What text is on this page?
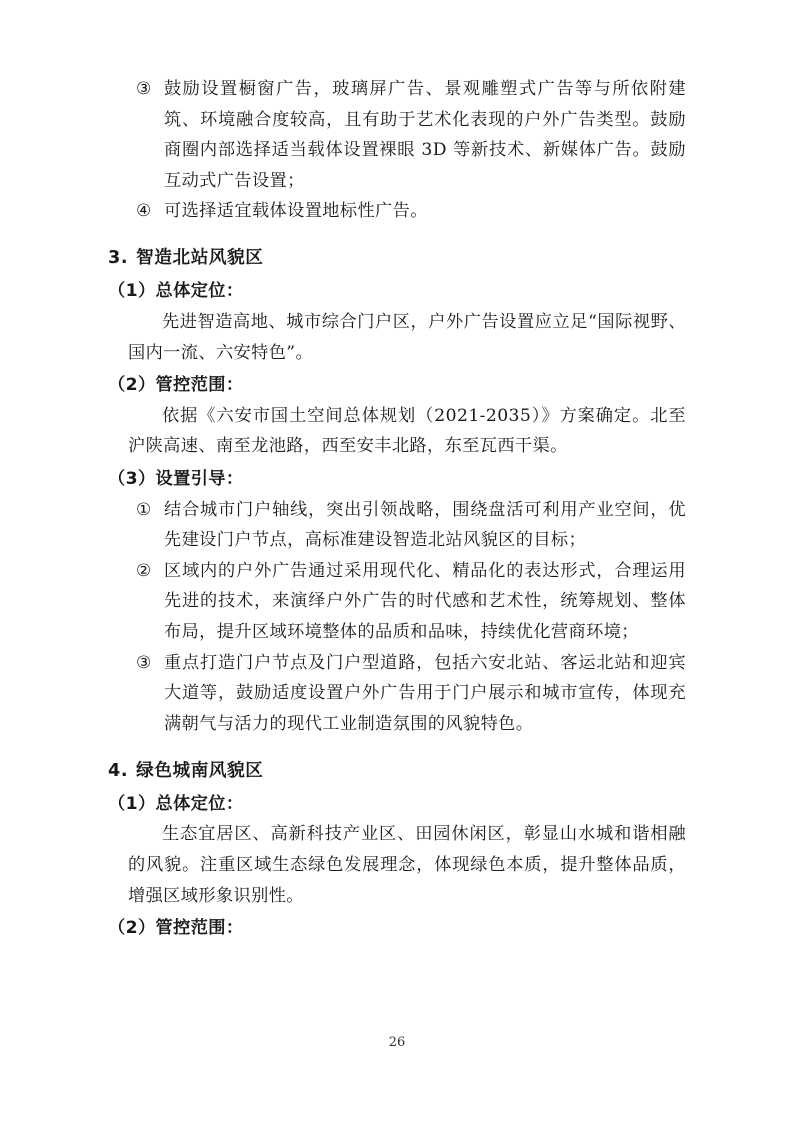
③ 鼓励设置橱窗广告，玻璃屏广告、景观雕塑式广告等与所依附建筑、环境融合度较高，且有助于艺术化表现的户外广告类型。鼓励商圈内部选择适当载体设置裸眼 3D 等新技术、新媒体广告。鼓励互动式广告设置；
④ 可选择适宜载体设置地标性广告。
3. 智造北站风貌区
（1）总体定位：

先进智造高地、城市综合门户区，户外广告设置应立足“国际视野、国内一流、六安特色”。

（2）管控范围：

依据《六安市国土空间总体规划（2021-2035）》方案确定。北至沪陕高速、南至龙池路，西至安丰北路，东至瓦西干渠。

（3）设置引导：
① 结合城市门户轴线，突出引领战略，围绕盘活可利用产业空间，优先建设门户节点，高标准建设智造北站风貌区的目标；
② 区域内的户外广告通过采用现代化、精品化的表达形式，合理运用先进的技术，来演绎户外广告的时代感和艺术性，统筹规划、整体布局，提升区域环境整体的品质和品味，持续优化营商环境；
③ 重点打造门户节点及门户型道路，包括六安北站、客运北站和迎宾大道等，鼓励适度设置户外广告用于门户展示和城市宣传，体现充满朝气与活力的现代工业制造氛围的风貌特色。
4. 绿色城南风貌区
（1）总体定位：

生态宜居区、高新科技产业区、田园休闲区，彰显山水城和谐相融的风貌。注重区域生态绿色发展理念，体现绿色本质，提升整体品质，增强区域形象识别性。

（2）管控范围：
26
